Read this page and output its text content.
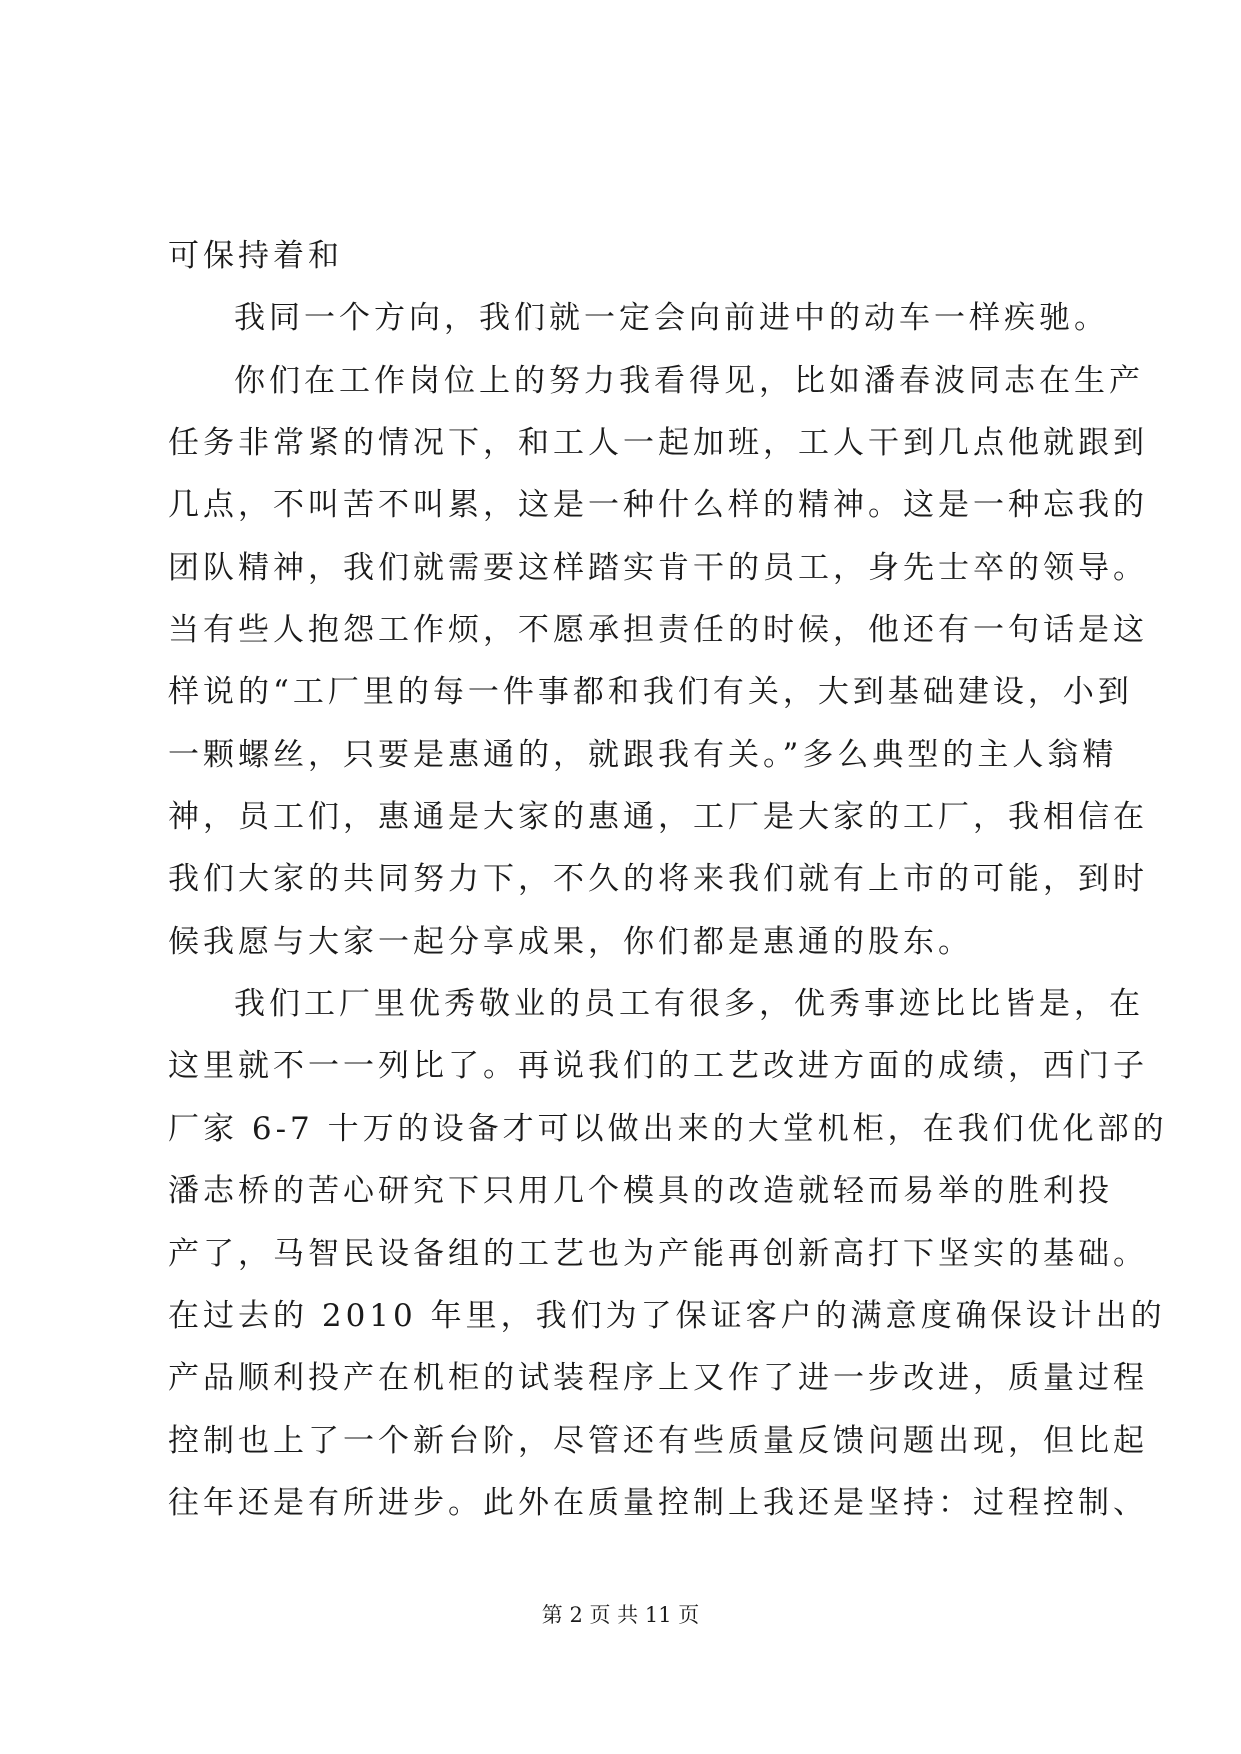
可保持着和
我同一个方向，我们就一定会向前进中的动车一样疾驰。
你们在工作岗位上的努力我看得见，比如潘春波同志在生产
任务非常紧的情况下，和工人一起加班，工人干到几点他就跟到
几点，不叫苦不叫累，这是一种什么样的精神。这是一种忘我的
团队精神，我们就需要这样踏实肯干的员工，身先士卒的领导。
当有些人抱怨工作烦，不愿承担责任的时候，他还有一句话是这
样说的“工厂里的每一件事都和我们有关，大到基础建设，小到
一颗螺丝，只要是惠通的，就跟我有关。”多么典型的主人翁精
神，员工们，惠通是大家的惠通，工厂是大家的工厂，我相信在
我们大家的共同努力下，不久的将来我们就有上市的可能，到时
候我愿与大家一起分享成果，你们都是惠通的股东。
我们工厂里优秀敬业的员工有很多，优秀事迹比比皆是，在
这里就不一一列比了。再说我们的工艺改进方面的成绩，西门子
厂家 6-7 十万的设备才可以做出来的大堂机柜，在我们优化部的
潘志桥的苦心研究下只用几个模具的改造就轻而易举的胜利投
产了，马智民设备组的工艺也为产能再创新高打下坚实的基础。
在过去的 2010 年里，我们为了保证客户的满意度确保设计出的
产品顺利投产在机柜的试装程序上又作了进一步改进，质量过程
控制也上了一个新台阶，尽管还有些质量反馈问题出现，但比起
往年还是有所进步。此外在质量控制上我还是坚持：过程控制、
第 2 页 共 11 页
